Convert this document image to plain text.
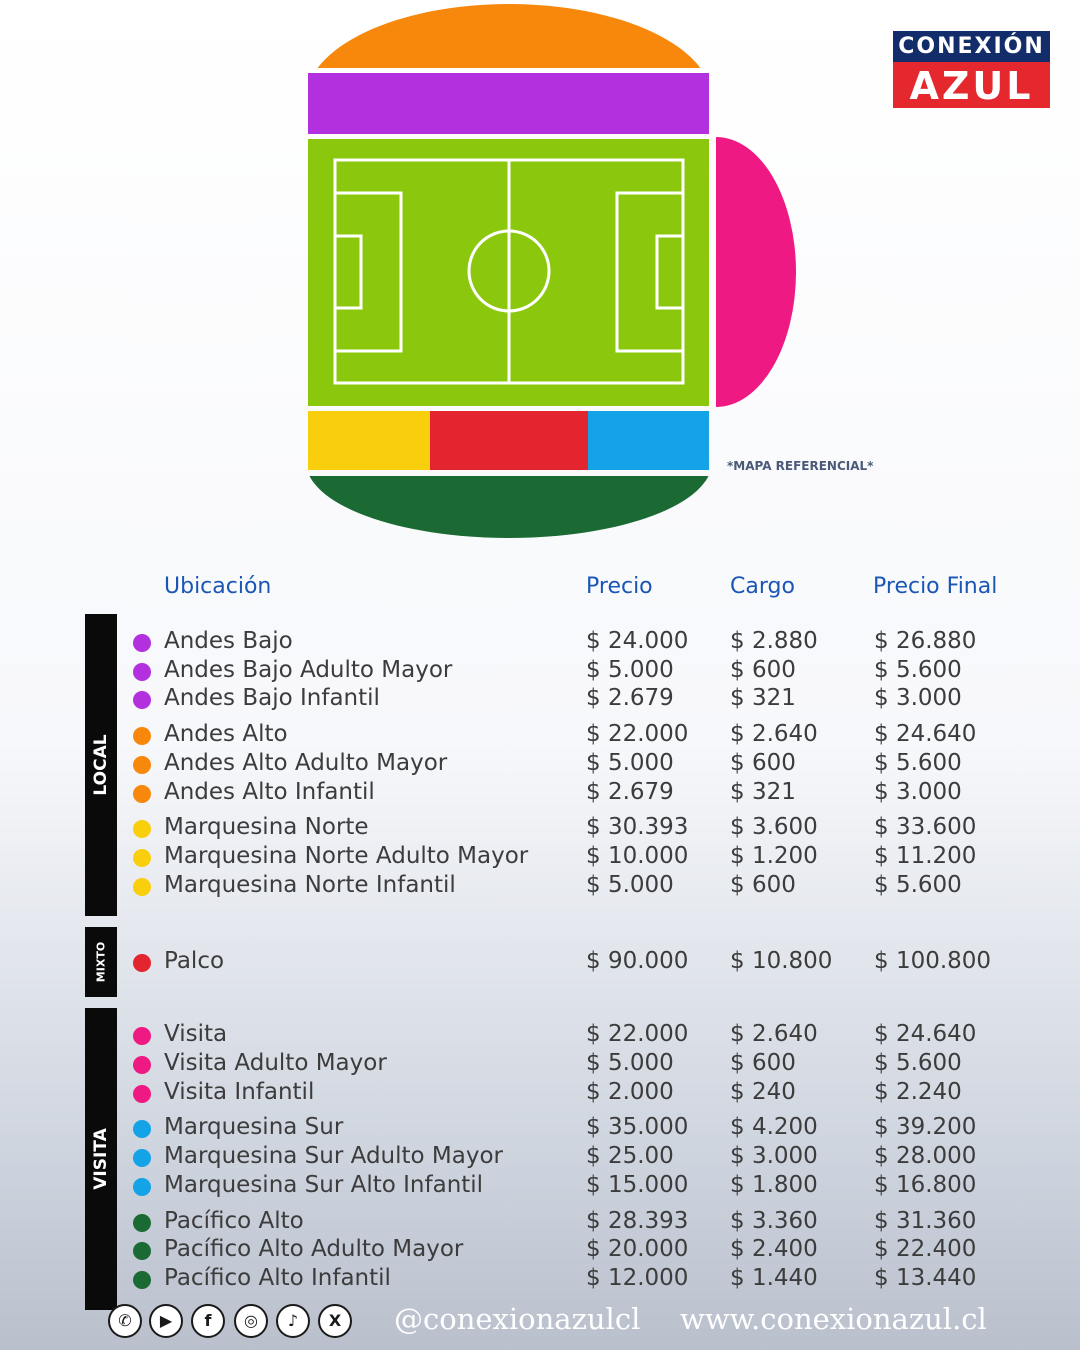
CONEXIÓN
AZUL
*MAPA REFERENCIAL*
Ubicación	Precio	Cargo	Precio Final
LOCAL
MIXTO
VISITA
Andes Bajo	$ 24.000 $ 2.880 $ 26.880
Andes Bajo Adulto Mayor	$ 5.000 $ 600	$ 5.600
Andes Bajo Infantil	$ 2.679 $ 321	$ 3.000
Andes Alto	$ 22.000 $ 2.640 $ 24.640
Andes Alto Adulto Mayor	$ 5.000 $ 600	$ 5.600
Andes Alto Infantil	$ 2.679 $ 321	$ 3.000
Marquesina Norte	$ 30.393 $ 3.600 $ 33.600
Marquesina Norte Adulto Mayor	$ 10.000 $ 1.200 $ 11.200
Marquesina Norte Infantil	$ 5.000 $ 600	$ 5.600
Palco	$ 90.000 $ 10.800 $ 100.800
Visita	$ 22.000 $ 2.640 $ 24.640
Visita Adulto Mayor	$ 5.000 $ 600	$ 5.600
Visita Infantil	$ 2.000 $ 240	$ 2.240
Marquesina Sur	$ 35.000 $ 4.200 $ 39.200
Marquesina Sur Adulto Mayor	$ 25.00 $ 3.000 $ 28.000
Marquesina Sur Alto Infantil	$ 15.000 $ 1.800 $ 16.800
Pacífico Alto	$ 28.393 $ 3.360 $ 31.360
Pacífico Alto Adulto Mayor	$ 20.000 $ 2.400 $ 22.400
Pacífico Alto Infantil	$ 12.000 $ 1.440 $ 13.440
✆	▶	f	◎	♪	X	@conexionazulcl www.conexionazul.cl
